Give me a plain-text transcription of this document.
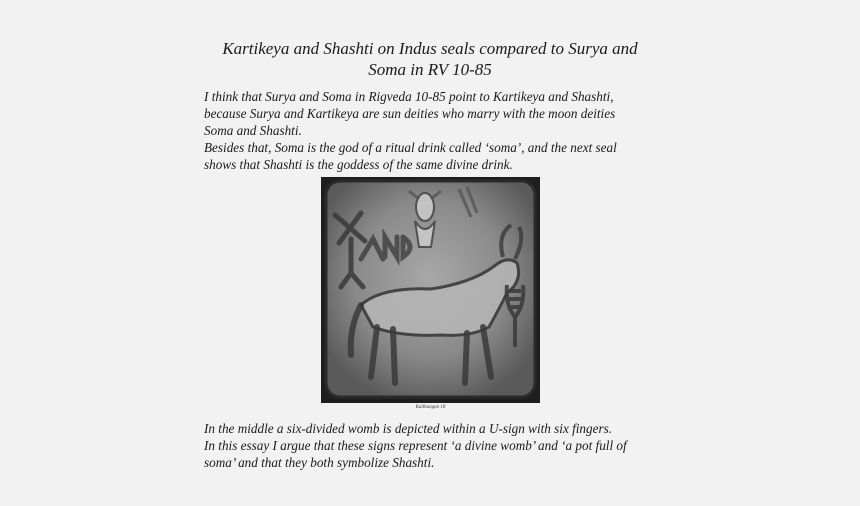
Kartikeya and Shashti on Indus seals compared to Surya and
Soma in RV 10-85
I think that Surya and Soma in Rigveda 10-85 point to Kartikeya and Shashti,
because Surya and Kartikeya are sun deities who marry with the moon deities
Soma and Shashti.
Besides that, Soma is the god of a ritual drink called ‘soma’, and the next seal
shows that Shashti is the goddess of the same divine drink.
Kalibangan 18
In the middle a six-divided womb is depicted within a U-sign with six fingers.
In this essay I argue that these signs represent ‘a divine womb’ and ‘a pot full of
soma’ and that they both symbolize Shashti.
